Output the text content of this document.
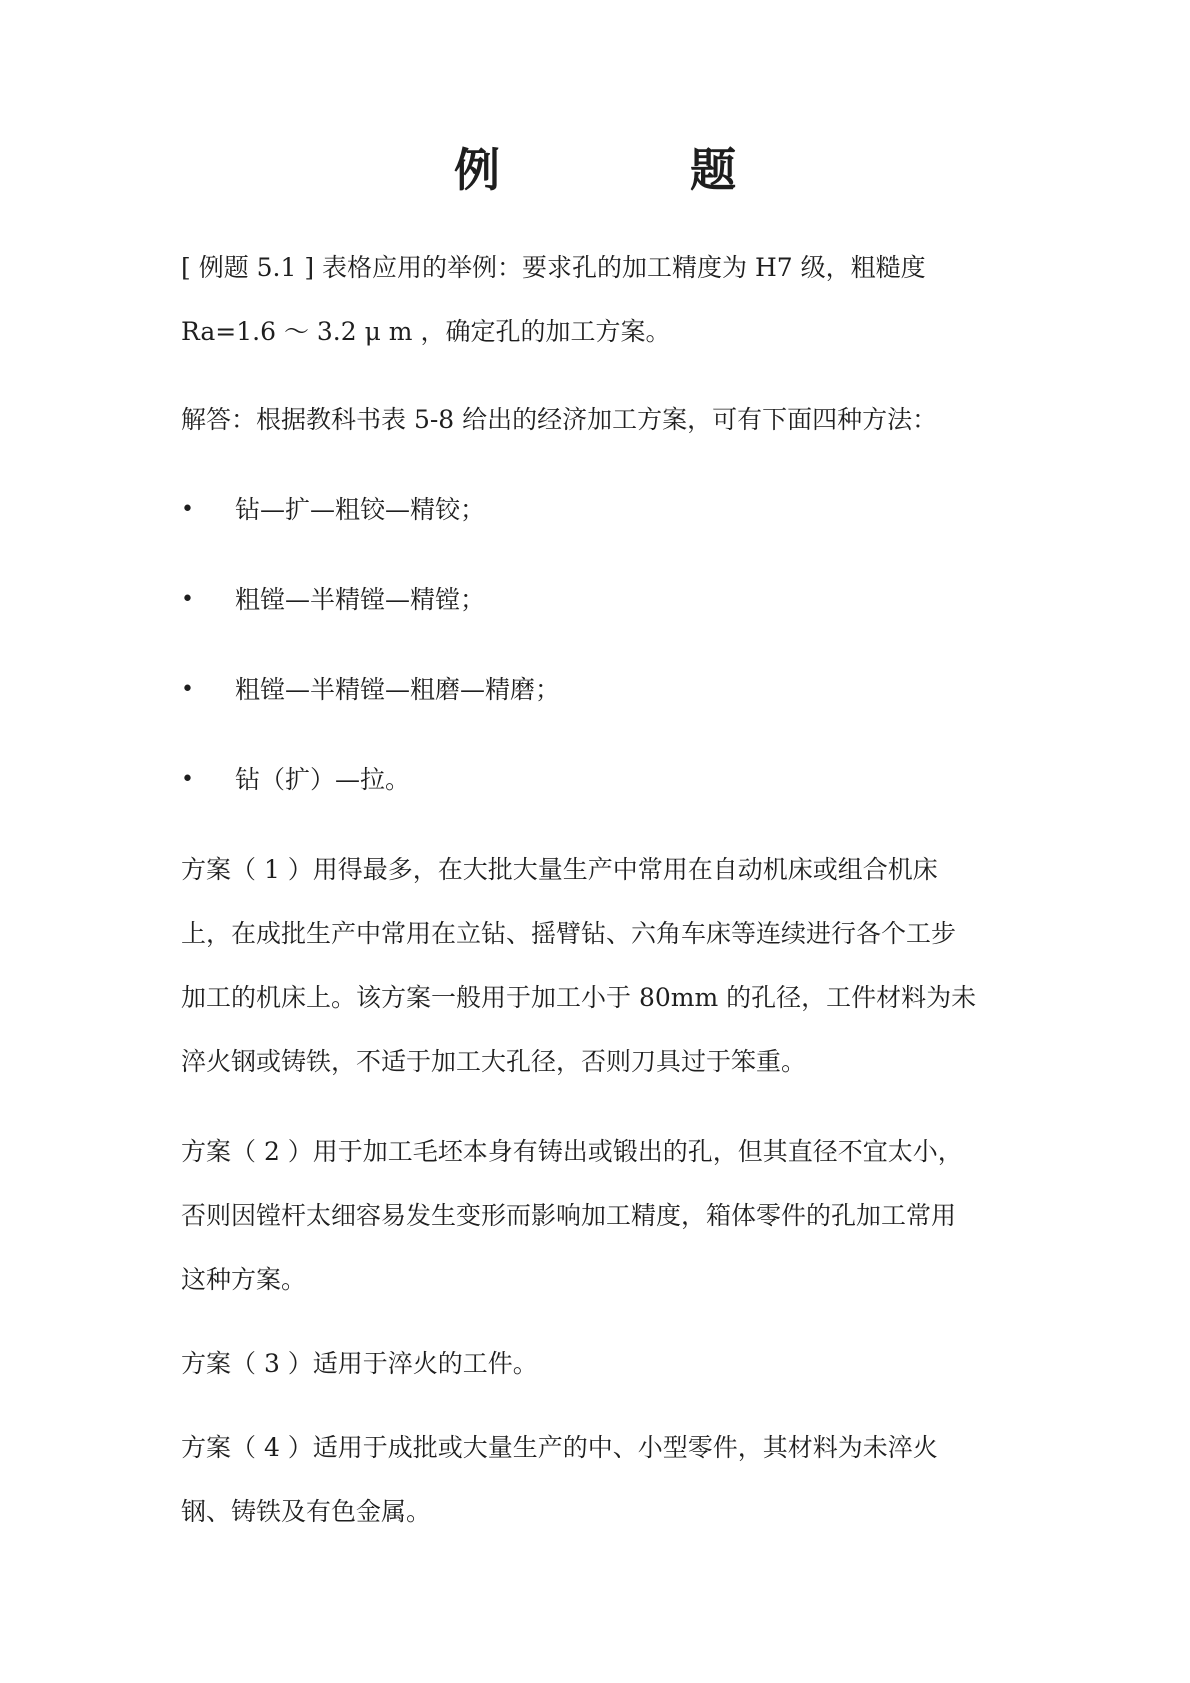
例　题
[ 例题 5.1 ] 表格应用的举例：要求孔的加工精度为 H7 级，粗糙度
Ra=1.6 ～ 3.2 μ m ，确定孔的加工方案。
解答：根据教科书表 5-8 给出的经济加工方案，可有下面四种方法：
•	钻—扩—粗铰—精铰；
•	粗镗—半精镗—精镗；
•	粗镗—半精镗—粗磨—精磨；
•	钻（扩）—拉。
方案（ 1 ）用得最多，在大批大量生产中常用在自动机床或组合机床
上，在成批生产中常用在立钻、摇臂钻、六角车床等连续进行各个工步
加工的机床上。该方案一般用于加工小于 80mm 的孔径，工件材料为未
淬火钢或铸铁，不适于加工大孔径，否则刀具过于笨重。
方案（ 2 ）用于加工毛坯本身有铸出或锻出的孔，但其直径不宜太小，
否则因镗杆太细容易发生变形而影响加工精度，箱体零件的孔加工常用
这种方案。
方案（ 3 ）适用于淬火的工件。
方案（ 4 ）适用于成批或大量生产的中、小型零件，其材料为未淬火
钢、铸铁及有色金属。
